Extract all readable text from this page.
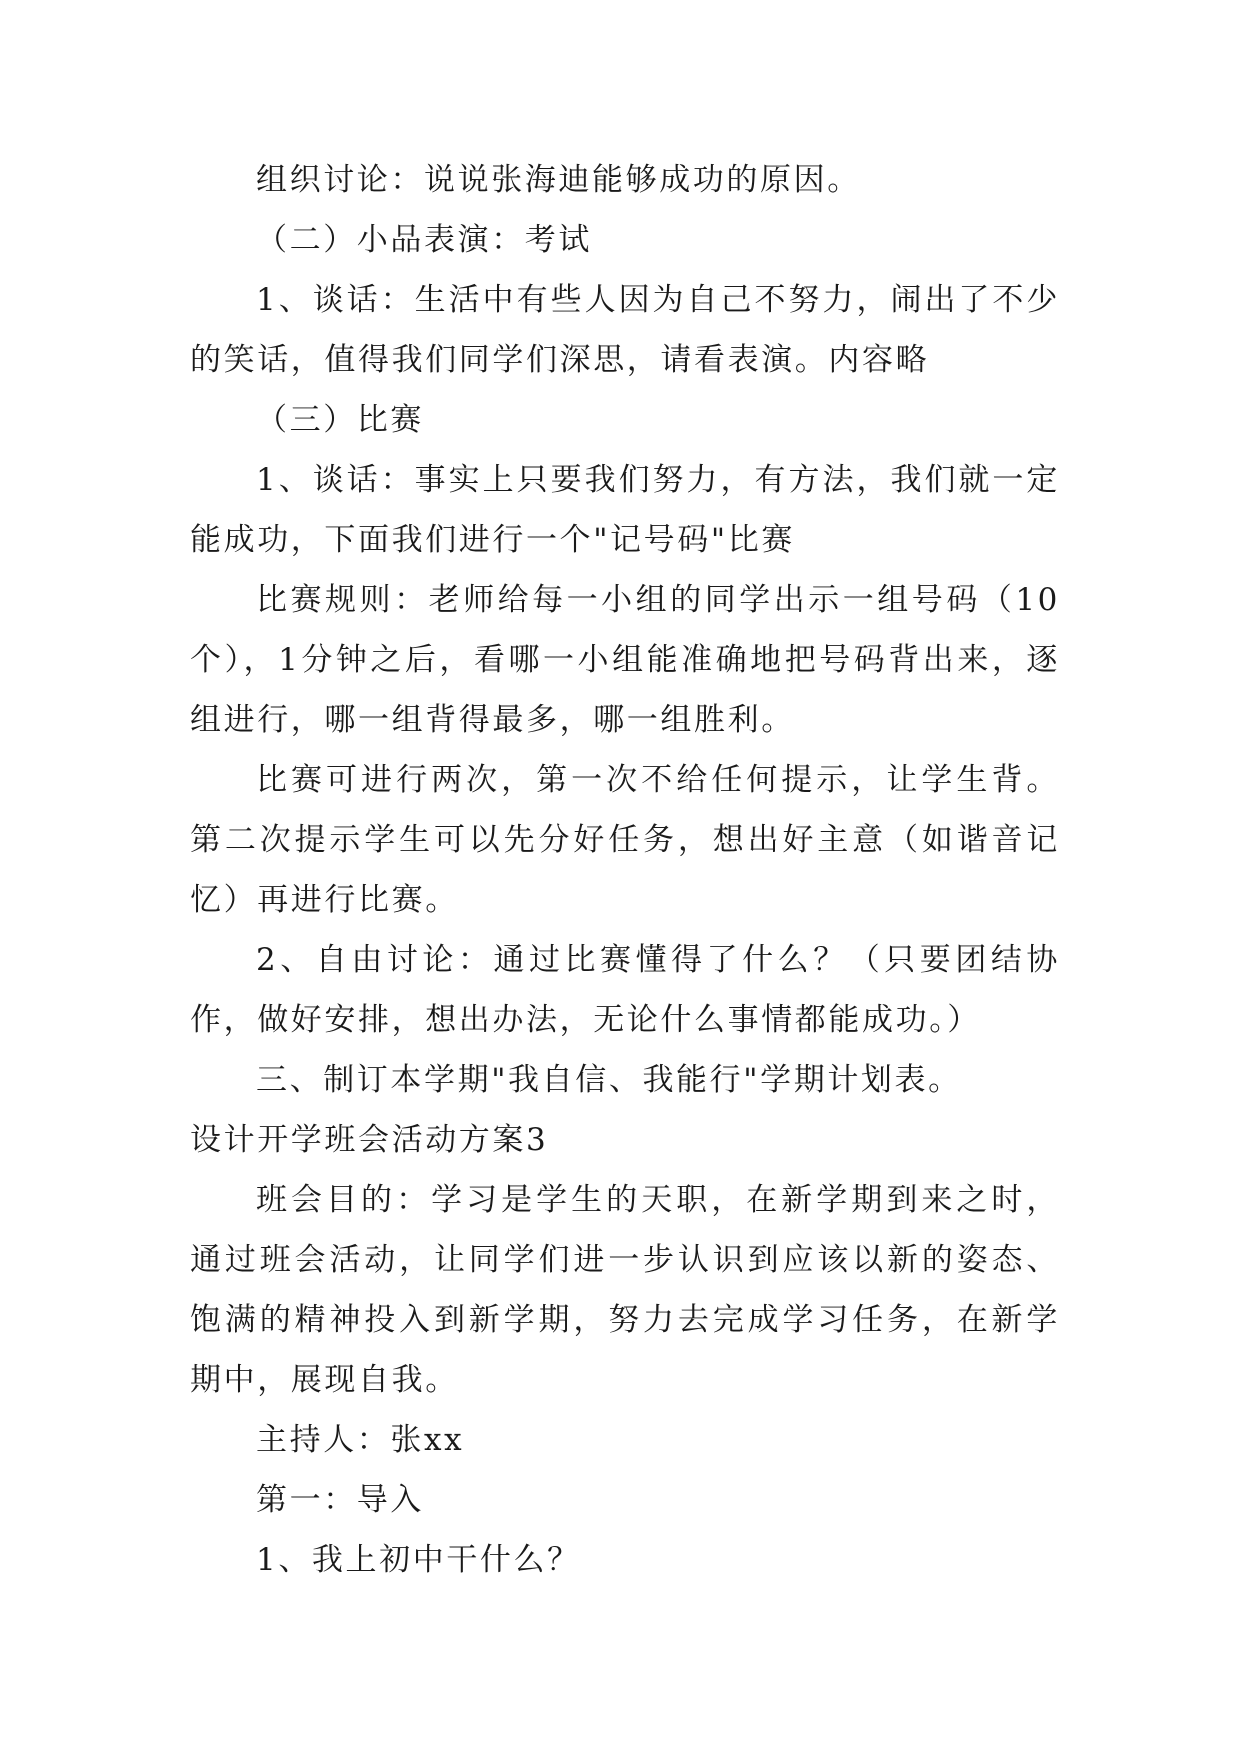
组织讨论：说说张海迪能够成功的原因。

（二）小品表演：考试

1、谈话：生活中有些人因为自己不努力，闹出了不少的笑话，值得我们同学们深思，请看表演。内容略

（三）比赛

1、谈话：事实上只要我们努力，有方法，我们就一定能成功，下面我们进行一个"记号码"比赛

比赛规则：老师给每一小组的同学出示一组号码（10个），1分钟之后，看哪一小组能准确地把号码背出来，逐组进行，哪一组背得最多，哪一组胜利。

比赛可进行两次，第一次不给任何提示，让学生背。第二次提示学生可以先分好任务，想出好主意（如谐音记忆）再进行比赛。

2、自由讨论：通过比赛懂得了什么？（只要团结协作，做好安排，想出办法，无论什么事情都能成功。）

三、制订本学期"我自信、我能行"学期计划表。

设计开学班会活动方案3

班会目的：学习是学生的天职，在新学期到来之时，通过班会活动，让同学们进一步认识到应该以新的姿态、饱满的精神投入到新学期，努力去完成学习任务，在新学期中，展现自我。

主持人：张xx

第一：导入

1、我上初中干什么？
